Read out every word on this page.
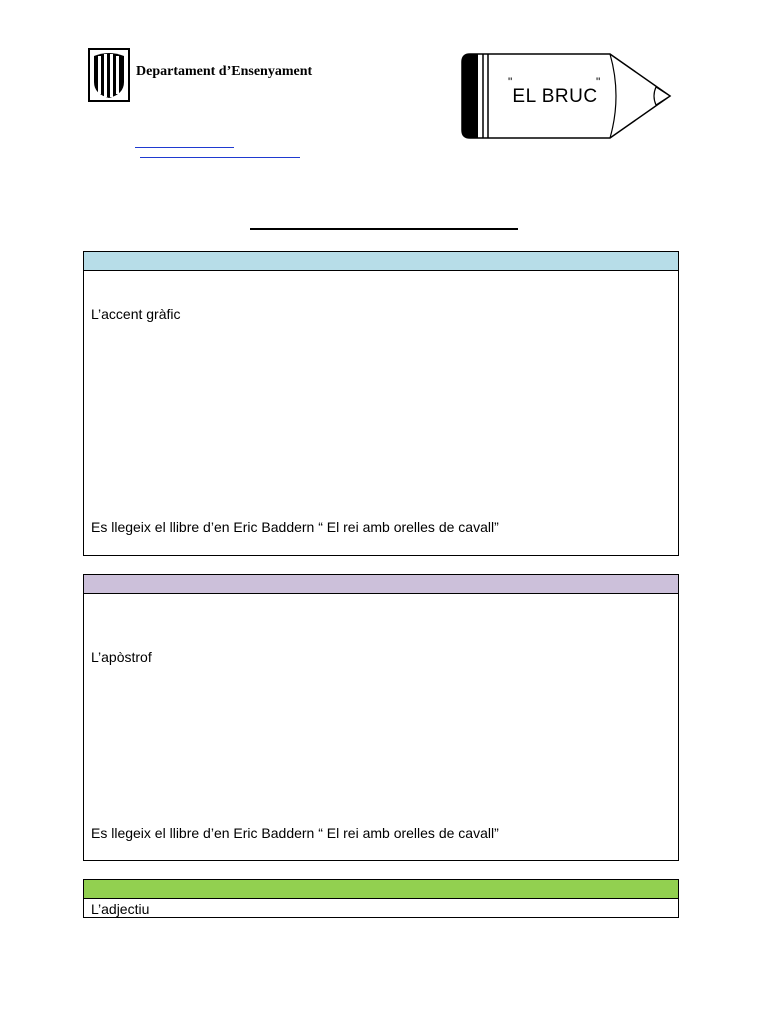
Departament d’Ensenyament
"	"
EL BRUC
L’accent gràfic
Es llegeix el llibre d’en Eric Baddern “ El rei amb orelles de cavall”
L’apòstrof
Es llegeix el llibre d’en Eric Baddern “ El rei amb orelles de cavall”
L’adjectiu
